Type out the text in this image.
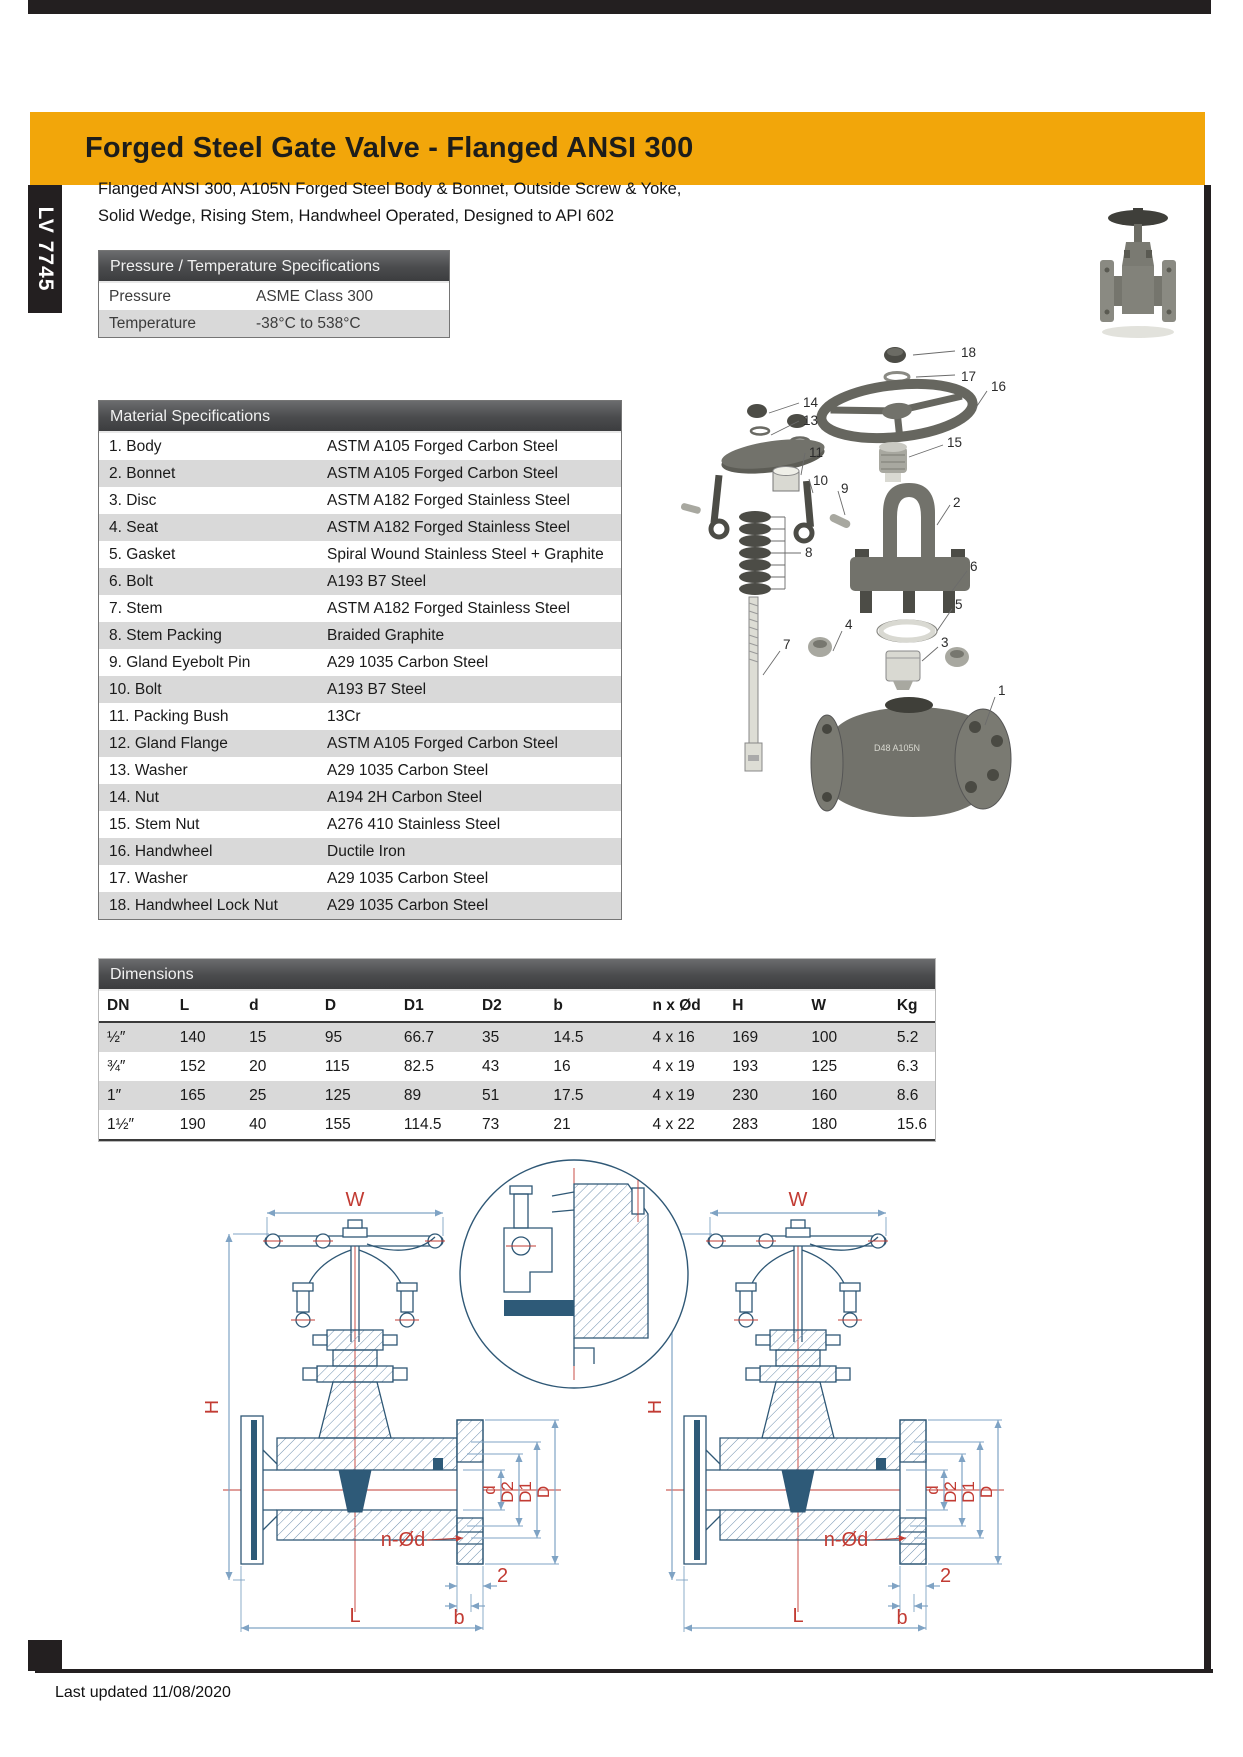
Forged Steel Gate Valve - Flanged ANSI 300
LV 7745
Flanged ANSI 300, A105N Forged Steel Body & Bonnet, Outside Screw & Yoke,
Solid Wedge, Rising Stem, Handwheel Operated, Designed to API 602
Pressure / Temperature Specifications
Pressure	ASME Class 300
Temperature	-38°C to 538°C
Material Specifications
1. Body	ASTM A105 Forged Carbon Steel
2. Bonnet	ASTM A105 Forged Carbon Steel
3. Disc	ASTM A182 Forged Stainless Steel
4. Seat	ASTM A182 Forged Stainless Steel
5. Gasket	Spiral Wound Stainless Steel + Graphite
6. Bolt	A193 B7 Steel
7. Stem	ASTM A182 Forged Stainless Steel
8. Stem Packing	Braided Graphite
9. Gland Eyebolt Pin	A29 1035 Carbon Steel
10. Bolt	A193 B7 Steel
11. Packing Bush	13Cr
12. Gland Flange	ASTM A105 Forged Carbon Steel
13. Washer	A29 1035 Carbon Steel
14. Nut	A194 2H Carbon Steel
15. Stem Nut	A276 410 Stainless Steel
16. Handwheel	Ductile Iron
17. Washer	A29 1035 Carbon Steel
18. Handwheel Lock Nut	A29 1035 Carbon Steel
Dimensions
DN	L	d	D	D1	D2	b	n x Ød	H	W	Kg
½″	140	15	95	66.7	35	14.5	4 x 16	169	100	5.2
¾″	152	20	115	82.5	43	16	4 x 19	193	125	6.3
1″	165	25	125	89	51	17.5	4 x 19	230	160	8.6
1½″	190	40	155	114.5	73	21	4 x 22	283	180	15.6
D48 A105N
18
17
16
15
14
13
11
10
9
2
8
6
5
4
3
7
1
Last updated 11/08/2020
